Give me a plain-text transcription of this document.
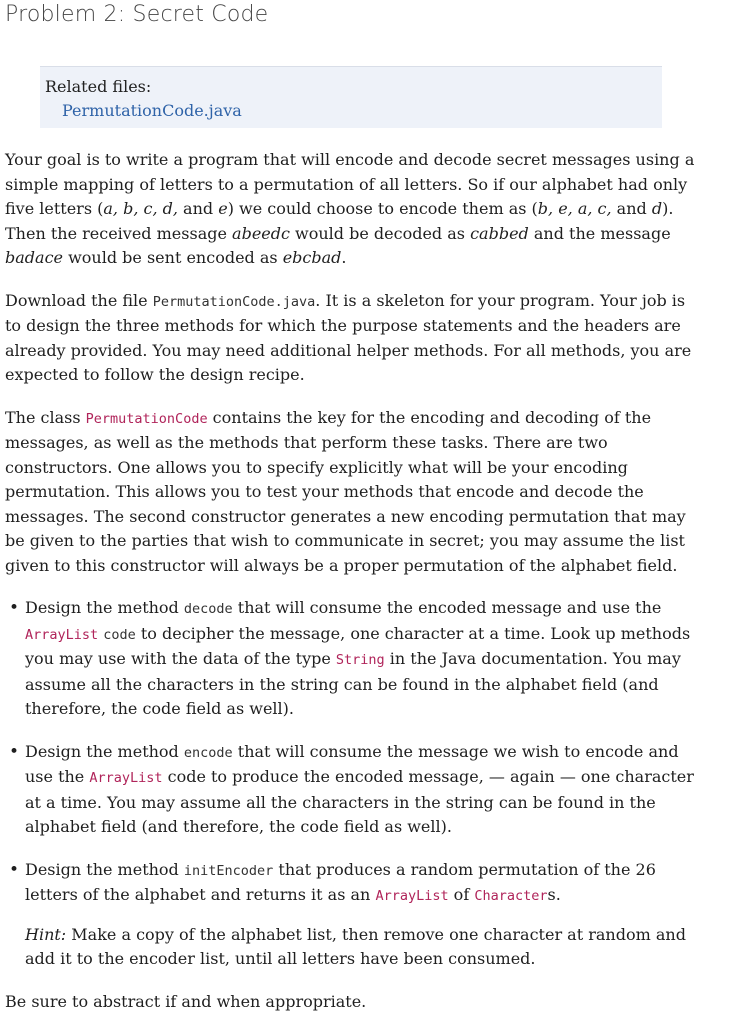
Problem 2: Secret Code
Related files:
PermutationCode.java

Your goal is to write a program that will encode and decode secret messages using a simple mapping of letters to a permutation of all letters. So if our alphabet had only five letters (a, b, c, d, and e) we could choose to encode them as (b, e, a, c, and d). Then the received message abeedc would be decoded as cabbed and the message badace would be sent encoded as ebcbad.

Download the file PermutationCode.java. It is a skeleton for your program. Your job is to design the three methods for which the purpose statements and the headers are already provided. You may need additional helper methods. For all methods, you are expected to follow the design recipe.

The class PermutationCode contains the key for the encoding and decoding of the messages, as well as the methods that perform these tasks. There are two constructors. One allows you to specify explicitly what will be your encoding permutation. This allows you to test your methods that encode and decode the messages. The second constructor generates a new encoding permutation that may be given to the parties that wish to communicate in secret; you may assume the list given to this constructor will always be a proper permutation of the alphabet field.

• Design the method decode that will consume the encoded message and use the ArrayList code to decipher the message, one character at a time. Look up methods you may use with the data of the type String in the Java documentation. You may assume all the characters in the string can be found in the alphabet field (and therefore, the code field as well).
• Design the method encode that will consume the message we wish to encode and use the ArrayList code to produce the encoded message, — again — one character at a time. You may assume all the characters in the string can be found in the alphabet field (and therefore, the code field as well).
• Design the method initEncoder that produces a random permutation of the 26 letters of the alphabet and returns it as an ArrayList of Characters.
Hint: Make a copy of the alphabet list, then remove one character at random and add it to the encoder list, until all letters have been consumed.

Be sure to abstract if and when appropriate.
